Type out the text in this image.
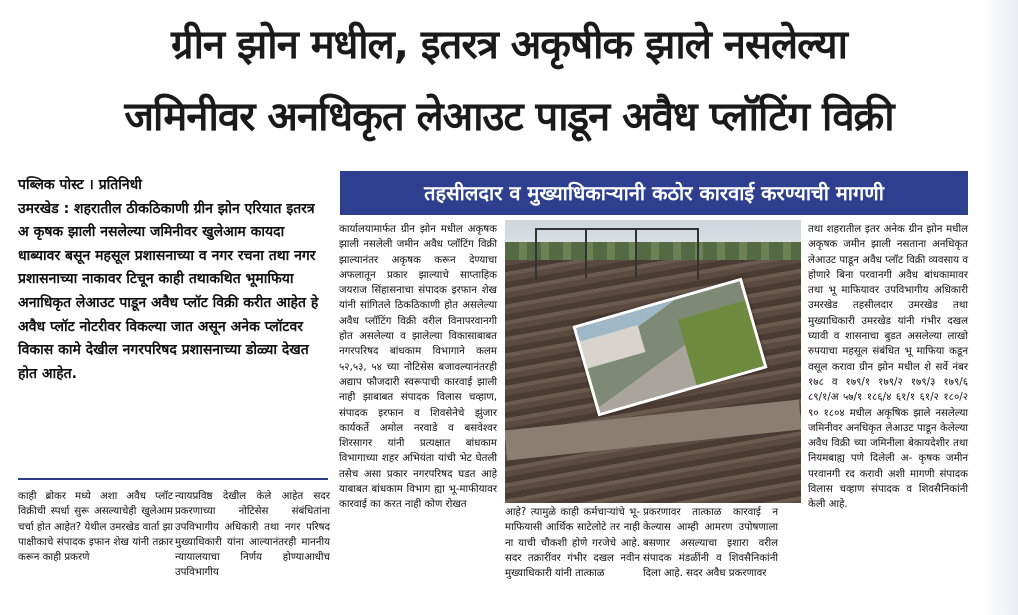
ग्रीन झोन मधील, इतरत्र अकृषीक झाले नसलेल्या
जमिनीवर अनधिकृत लेआउट पाडून अवैध प्लॉटिंग विक्री
पब्लिक पोस्ट । प्रतिनिधी
उमरखेड : शहरातील ठीकठिकाणी ग्रीन झोन एरियात इतरत्र अ कृषक झाली नसलेल्या जमिनीवर खुलेआम कायदा धाब्यावर बसून महसूल प्रशासनाच्या व नगर रचना तथा नगर प्रशासनाच्या नाकावर टिचून काही तथाकथित भूमाफिया अनाधिकृत लेआउट पाडून अवैध प्लॉट विक्री करीत आहेत हे अवैध प्लॉट नोटरीवर विकल्या जात असून अनेक प्लॉटवर विकास कामे देखील नगरपरिषद प्रशासनाच्या डोळ्या देखत होत आहेत.
तहसीलदार व मुख्याधिकाऱ्यानी कठोर कारवाई करण्याची मागणी
काही ब्रोकर मध्ये अशा अवैध प्लॉट विक्रीची स्पर्धा सुरू असल्याचेही खुलेआम चर्चा होत आहेत? येथील उमरखेड वार्ता झा पाक्षीकाचे संपादक इफान शेख यांनी तक्रार करून काही प्रकरणे
न्यायप्रविष्ठ देखील केले आहेत सदर प्रकरणाच्या नोटिसेस संबंधितांना उपविभागीय अधिकारी तथा नगर परिषद मुख्याधिकारी यांना आल्यानंतरही माननीय न्यायालयाचा निर्णय होण्याआधीच उपविभागीय
कार्यालयामार्फत ग्रीन झोन मधील अकृषक झाली नसलेली जमीन अवैध प्लॉटिंग विक्री झाल्यानंतर अकृषक करून देण्याचा अफलातून प्रकार झाल्याचे साप्ताहिक जयराज सिंहासनाचा संपादक इरफान शेख यांनी सांगितले ठिकठिकाणी होत असलेल्या अवैध प्लॉटिंग विक्री वरील विनापरवानगी होत असलेल्या व झालेल्या विकासाबाबत नगरपरिषद बांधकाम विभागाने कलम ५२,५३, ५४ च्या नोटिसेस बजावल्यानंतरही अद्याप फौजदारी स्वरूपाची कारवाई झाली नाही झाबाबत संपादक विलास चव्हाण, संपादक इरफान व शिवसेनेचे झुंजार कार्यकर्ते अमोल नरवाडे व बसवेश्वर शिरसागर यांनी प्रत्यक्षात बांधकाम विभागाच्या शहर अभियंता यांची भेट घेतली तसेच असा प्रकार नगरपरिषद घडत आहे याबाबत बांधकाम विभाग ह्या भू-माफीयावर कारवाई का करत नाही कोण रोखत
आहे? त्यामुळे काही कर्मचार्‍यांचे भू-माफियासी आर्थिक साटेलोटे तर नाही ना याची चौकशी होणे गरजेचे आहे. सदर तक्रारींवर गंभीर दखल नवीन मुख्याधिकारी यांनी तात्काळ
प्रकरणावर तात्काळ कारवाई न केल्यास आम्ही आमरण उपोषणाला बसणार असल्याचा इशारा वरील संपादक मंडळींनी व शिवसैनिकांनी दिला आहे. सदर अवैध प्रकरणावर
तथा शहरातील इतर अनेक ग्रीन झोन मधील अकृषक जमीन झाली नसताना अनधिकृत लेआउट पाडून अवैध प्लॉट विक्री व्यवसाय व होणारे बिना परवानगी अवैध बांधकामावर तथा भू माफियावर उपविभागीय अधिकारी उमरखेड तहसीलदार उमरखेड तथा मुख्याधिकारी उमरखेड यांनी गंभीर दखल घ्यावी व शासनाचा बुडत असलेल्या लाखो रुपयाचा महसूल संबंधित भू माफिया कडून वसूल करावा ग्रीन झोन मधील शे सर्वे नंबर १७८ व १७९/१ १७९/२ १७९/३ १७९/६ ८९/१/अ ५७/१ १८६/४ ६१/१ ६१/२ १८०/२ ९० १८०४ मधील अकृषिक झाले नसलेल्या जमिनीवर अनधिकृत लेआउट पाडून केलेल्या अवैध विक्री च्या जमिनीला बेकायदेशीर तथा नियमबाह्य पणे दिलेली अ- कृषक जमीन परवानगी रद करावी अशी मागणी संपादक विलास चव्हाण संपादक व शिवसैनिकांनी केली आहे.
